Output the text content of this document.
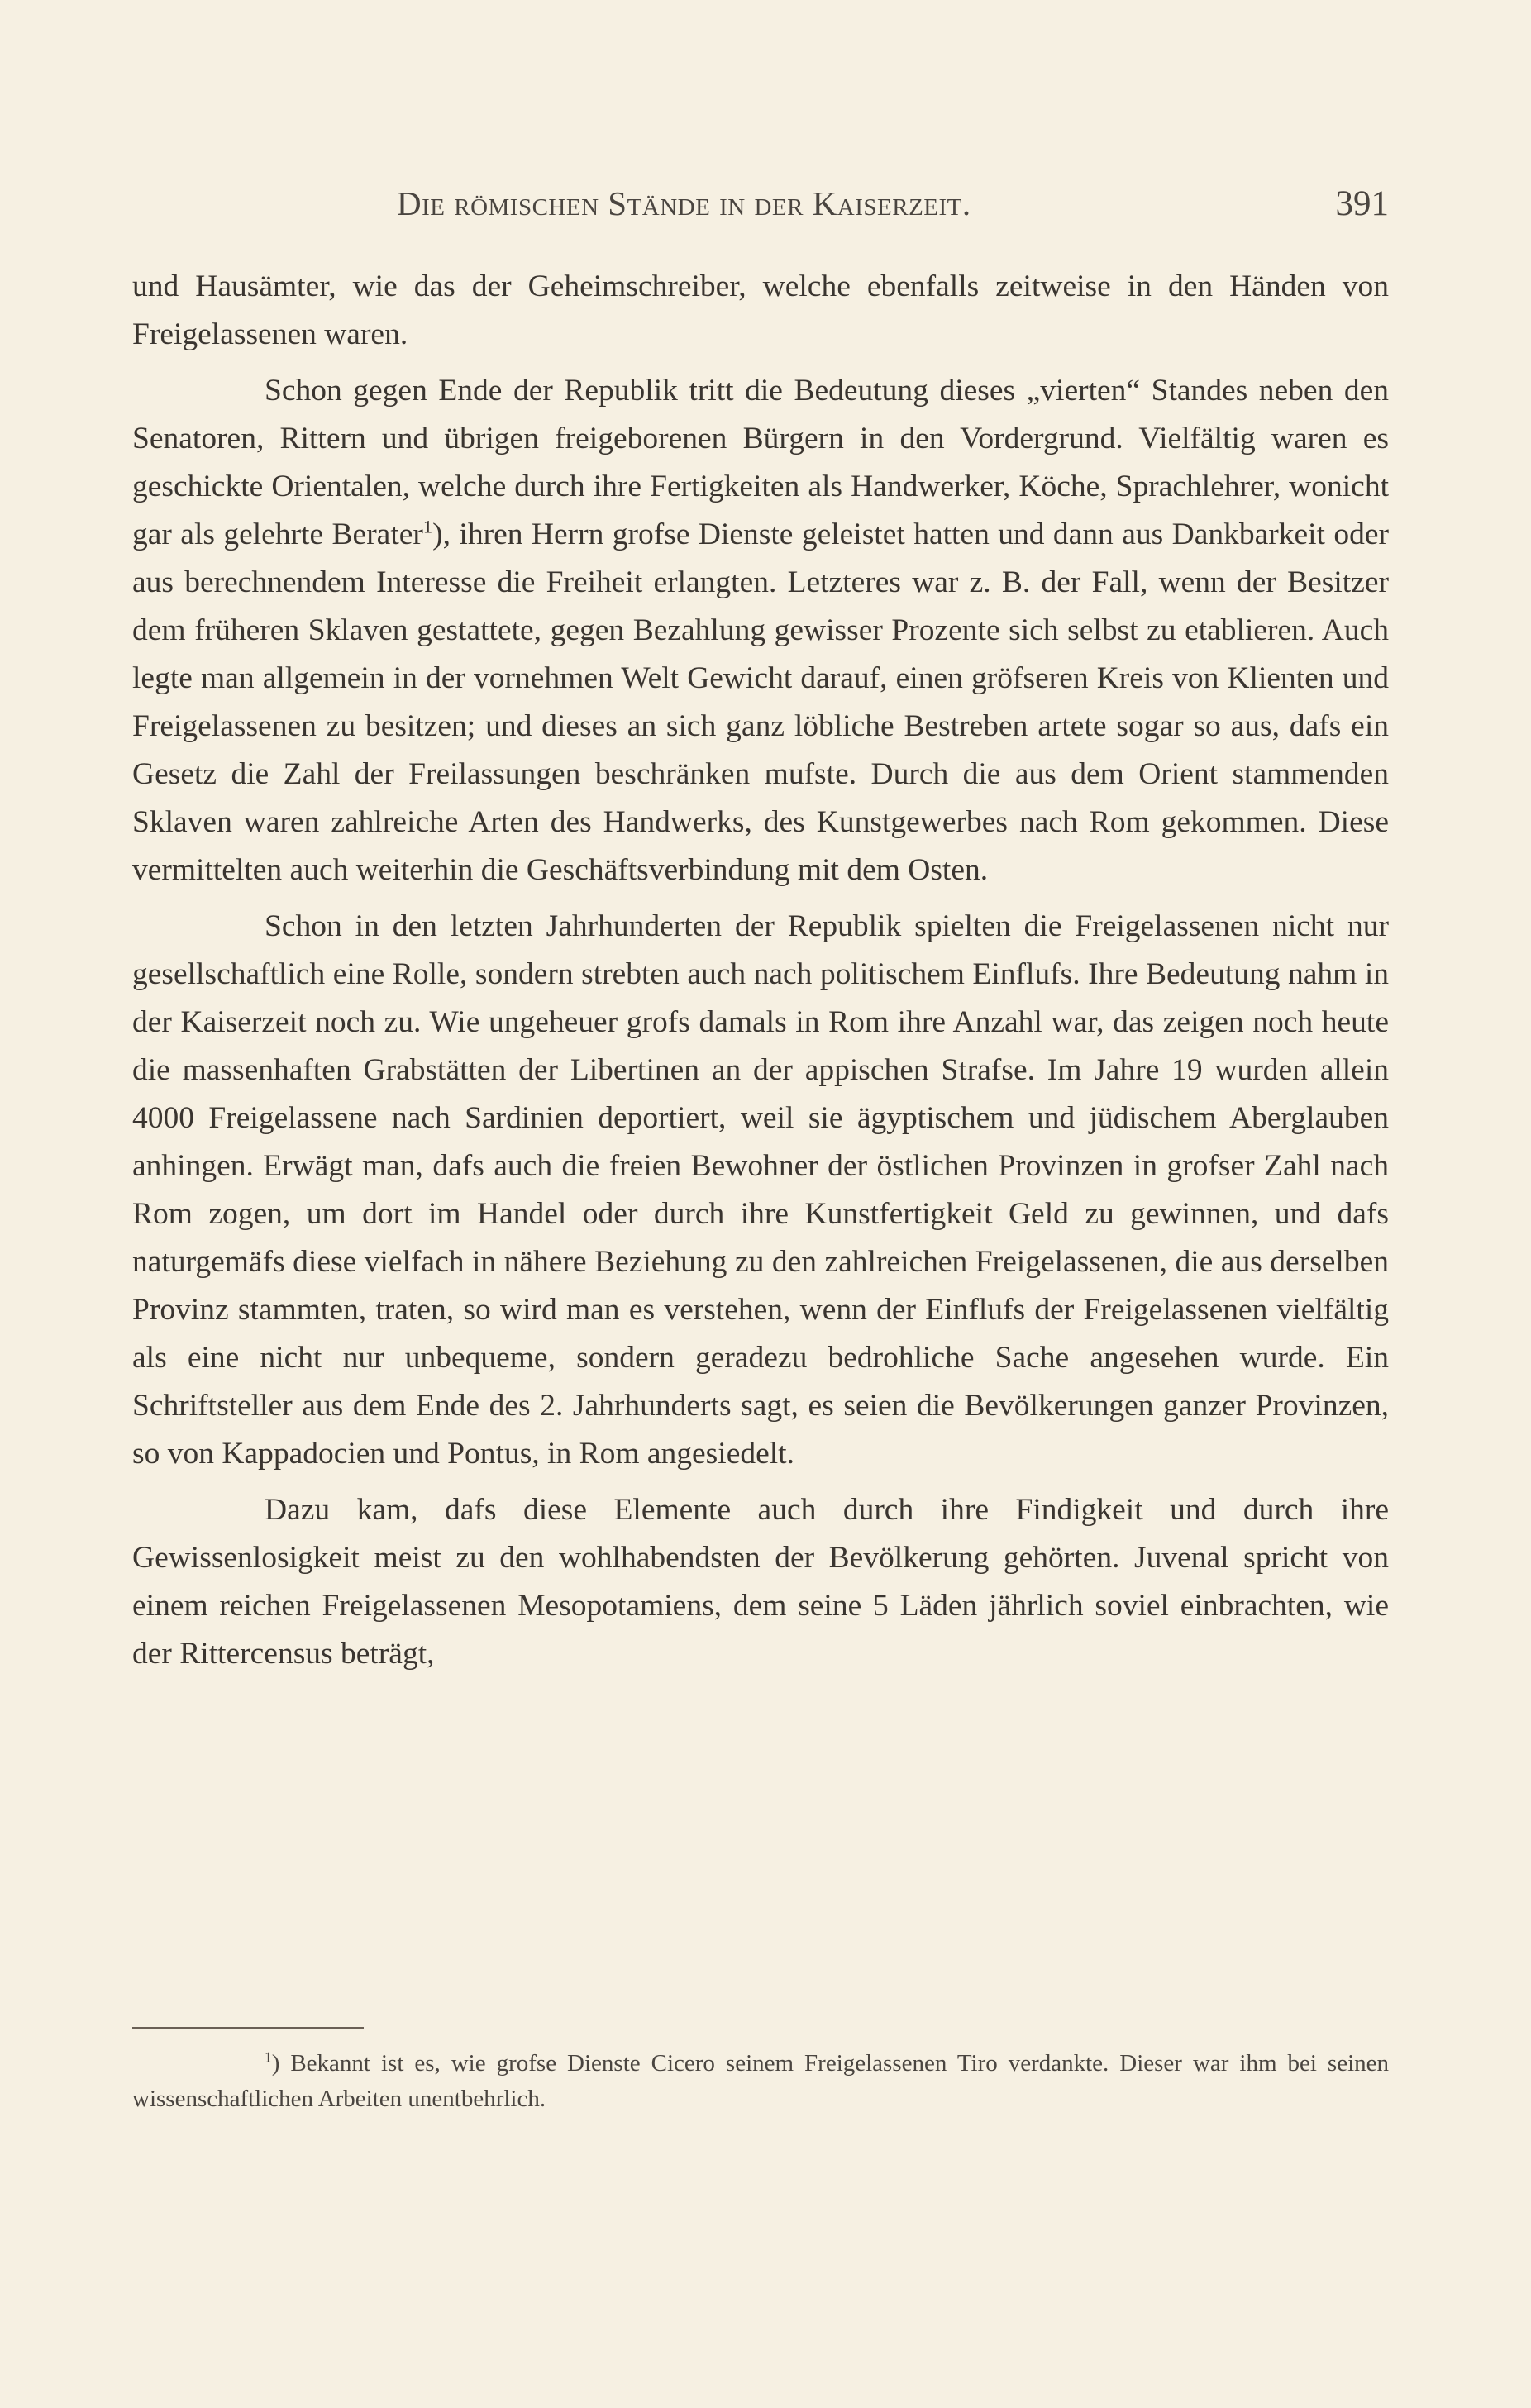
Die römischen Stände in der Kaiserzeit.	391

und Hausämter, wie das der Geheimschreiber, welche ebenfalls zeitweise in den Händen von Freigelassenen waren.

Schon gegen Ende der Republik tritt die Bedeutung dieses „vierten“ Standes neben den Senatoren, Rittern und übrigen freigeborenen Bürgern in den Vordergrund. Vielfältig waren es geschickte Orientalen, welche durch ihre Fertigkeiten als Handwerker, Köche, Sprachlehrer, wonicht gar als gelehrte Berater$^1$), ihren Herrn grofse Dienste geleistet hatten und dann aus Dankbarkeit oder aus berechnendem Interesse die Freiheit erlangten. Letzteres war z. B. der Fall, wenn der Besitzer dem früheren Sklaven gestattete, gegen Bezahlung gewisser Prozente sich selbst zu etablieren. Auch legte man allgemein in der vornehmen Welt Gewicht darauf, einen gröfseren Kreis von Klienten und Freigelassenen zu besitzen; und dieses an sich ganz löbliche Bestreben artete sogar so aus, dafs ein Gesetz die Zahl der Freilassungen beschränken mufste. Durch die aus dem Orient stammenden Sklaven waren zahlreiche Arten des Handwerks, des Kunstgewerbes nach Rom gekommen. Diese vermittelten auch weiterhin die Geschäftsverbindung mit dem Osten.

Schon in den letzten Jahrhunderten der Republik spielten die Freigelassenen nicht nur gesellschaftlich eine Rolle, sondern strebten auch nach politischem Einflufs. Ihre Bedeutung nahm in der Kaiserzeit noch zu. Wie ungeheuer grofs damals in Rom ihre Anzahl war, das zeigen noch heute die massenhaften Grabstätten der Libertinen an der appischen Strafse. Im Jahre 19 wurden allein 4000 Freigelassene nach Sardinien deportiert, weil sie ägyptischem und jüdischem Aberglauben anhingen. Erwägt man, dafs auch die freien Bewohner der östlichen Provinzen in grofser Zahl nach Rom zogen, um dort im Handel oder durch ihre Kunstfertigkeit Geld zu gewinnen, und dafs naturgemäfs diese vielfach in nähere Beziehung zu den zahlreichen Freigelassenen, die aus derselben Provinz stammten, traten, so wird man es verstehen, wenn der Einflufs der Freigelassenen vielfältig als eine nicht nur unbequeme, sondern geradezu bedrohliche Sache angesehen wurde. Ein Schriftsteller aus dem Ende des 2. Jahrhunderts sagt, es seien die Bevölkerungen ganzer Provinzen, so von Kappadocien und Pontus, in Rom angesiedelt.

Dazu kam, dafs diese Elemente auch durch ihre Findigkeit und durch ihre Gewissenlosigkeit meist zu den wohlhabendsten der Bevölkerung gehörten. Juvenal spricht von einem reichen Freigelassenen Mesopotamiens, dem seine 5 Läden jährlich soviel einbrachten, wie der Rittercensus beträgt,

$^1$) Bekannt ist es, wie grofse Dienste Cicero seinem Freigelassenen Tiro verdankte. Dieser war ihm bei seinen wissenschaftlichen Arbeiten unentbehrlich.
